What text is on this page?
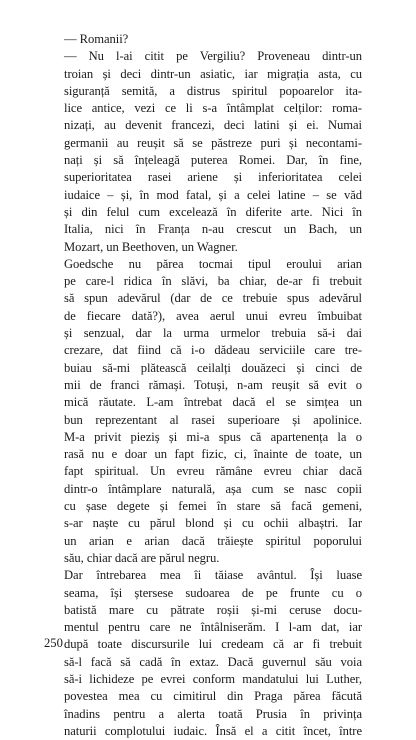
— Romanii?
— Nu l-ai citit pe Vergiliu? Proveneau dintr-un
troian și deci dintr-un asiatic, iar migrația asta, cu
siguranță semită, a distrus spiritul popoarelor ita-
lice antice, vezi ce li s-a întâmplat celților: roma-
nizați, au devenit francezi, deci latini și ei. Numai
germanii au reușit să se păstreze puri și necontami-
nați și să înțeleagă puterea Romei. Dar, în fine,
superioritatea rasei ariene și inferioritatea celei
iudaice – și, în mod fatal, și a celei latine – se văd
și din felul cum excelează în diferite arte. Nici în
Italia, nici în Franța n-au crescut un Bach, un
Mozart, un Beethoven, un Wagner.
Goedsche nu părea tocmai tipul eroului arian
pe care-l ridica în slăvi, ba chiar, de-ar fi trebuit
să spun adevărul (dar de ce trebuie spus adevărul
de fiecare dată?), avea aerul unui evreu îmbuibat
și senzual, dar la urma urmelor trebuia să-i dai
crezare, dat fiind că i-o dădeau serviciile care tre-
buiau să-mi plătească ceilalți douăzeci și cinci de
mii de franci rămași. Totuși, n-am reușit să evit o
mică răutate. L-am întrebat dacă el se simțea un
bun reprezentant al rasei superioare și apolinice.
M-a privit pieziș și mi-a spus că apartenența la o
rasă nu e doar un fapt fizic, ci, înainte de toate, un
fapt spiritual. Un evreu rămâne evreu chiar dacă
dintr-o întâmplare naturală, așa cum se nasc copii
cu șase degete și femei în stare să facă gemeni,
s-ar naște cu părul blond și cu ochii albaștri. Iar
un arian e arian dacă trăiește spiritul poporului
său, chiar dacă are părul negru.
Dar întrebarea mea îi tăiase avântul. Își luase
seama, își ștersese sudoarea de pe frunte cu o
batistă mare cu pătrate roșii și-mi ceruse docu-
mentul pentru care ne întâlniserăm. I l-am dat, iar
după toate discursurile lui credeam că ar fi trebuit
să-l facă să cadă în extaz. Dacă guvernul său voia
să-i lichideze pe evrei conform mandatului lui Luther,
povestea mea cu cimitirul din Praga părea făcută
înadins pentru a alerta toată Prusia în privința
naturii complotului iudaic. Însă el a citit încet, între
250
